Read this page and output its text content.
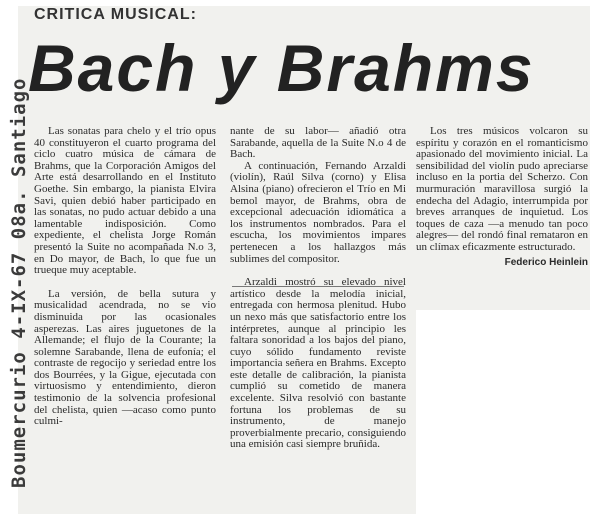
CRITICA MUSICAL:
Bach y Brahms
Boumercurio 4-IX-67 08a. Santiago	Las sonatas para chelo y el trío opus 40 constituyeron el cuarto programa del ciclo cuatro música de cámara de Brahms, que la Corporación Amigos del Arte está desarrollando en el Instituto Goethe. Sin embargo, la pianista Elvira Savi, quien debió haber participado en las sonatas, no pudo actuar debido a una lamentable indisposición. Como expediente, el chelista Jorge Román presentó la Suite no acompañada N.o 3, en Do mayor, de Bach, lo que fue un trueque muy aceptable.

La versión, de bella sutura y musicalidad acendrada, no se vio disminuida por las ocasionales asperezas. Las aires juguetones de la Allemande; el flujo de la Courante; la solemne Sarabande, llena de eufonía; el contraste de regocijo y seriedad entre los dos Bourrées, y la Gigue, ejecutada con virtuosismo y entendimiento, dieron testimonio de la solvencia profesional del chelista, quien —acaso como punto culmi-

nante de su labor— añadió otra Sarabande, aquella de la Suite N.o 4 de Bach.

A continuación, Fernando Arzaldi (violín), Raúl Silva (corno) y Elisa Alsina (piano) ofrecieron el Trío en Mi bemol mayor, de Brahms, obra de excepcional adecuación idiomática a los instrumentos nombrados. Para el escucha, los movimientos impares pertenecen a los hallazgos más sublimes del compositor.

Arzaldi mostró su elevado nivel artístico desde la melodía inicial, entregada con hermosa plenitud. Hubo un nexo más que satisfactorio entre los intérpretes, aunque al principio les faltara sonoridad a los bajos del piano, cuyo sólido fundamento reviste importancia señera en Brahms. Excepto este detalle de calibración, la pianista cumplió su cometido de manera excelente. Silva resolvió con bastante fortuna los problemas de su instrumento, de manejo proverbialmente precario, consiguiendo una emisión casi siempre bruñida.

Los tres músicos volcaron su espíritu y corazón en el romanticismo apasionado del movimiento inicial. La sensibilidad del violín pudo apreciarse incluso en la portia del Scherzo. Con murmuración maravillosa surgió la endecha del Adagio, interrumpida por breves arranques de inquietud. Los toques de caza —a menudo tan poco alegres— del rondó final remataron en un clímax eficazmente estructurado.

Federico Heinlein
